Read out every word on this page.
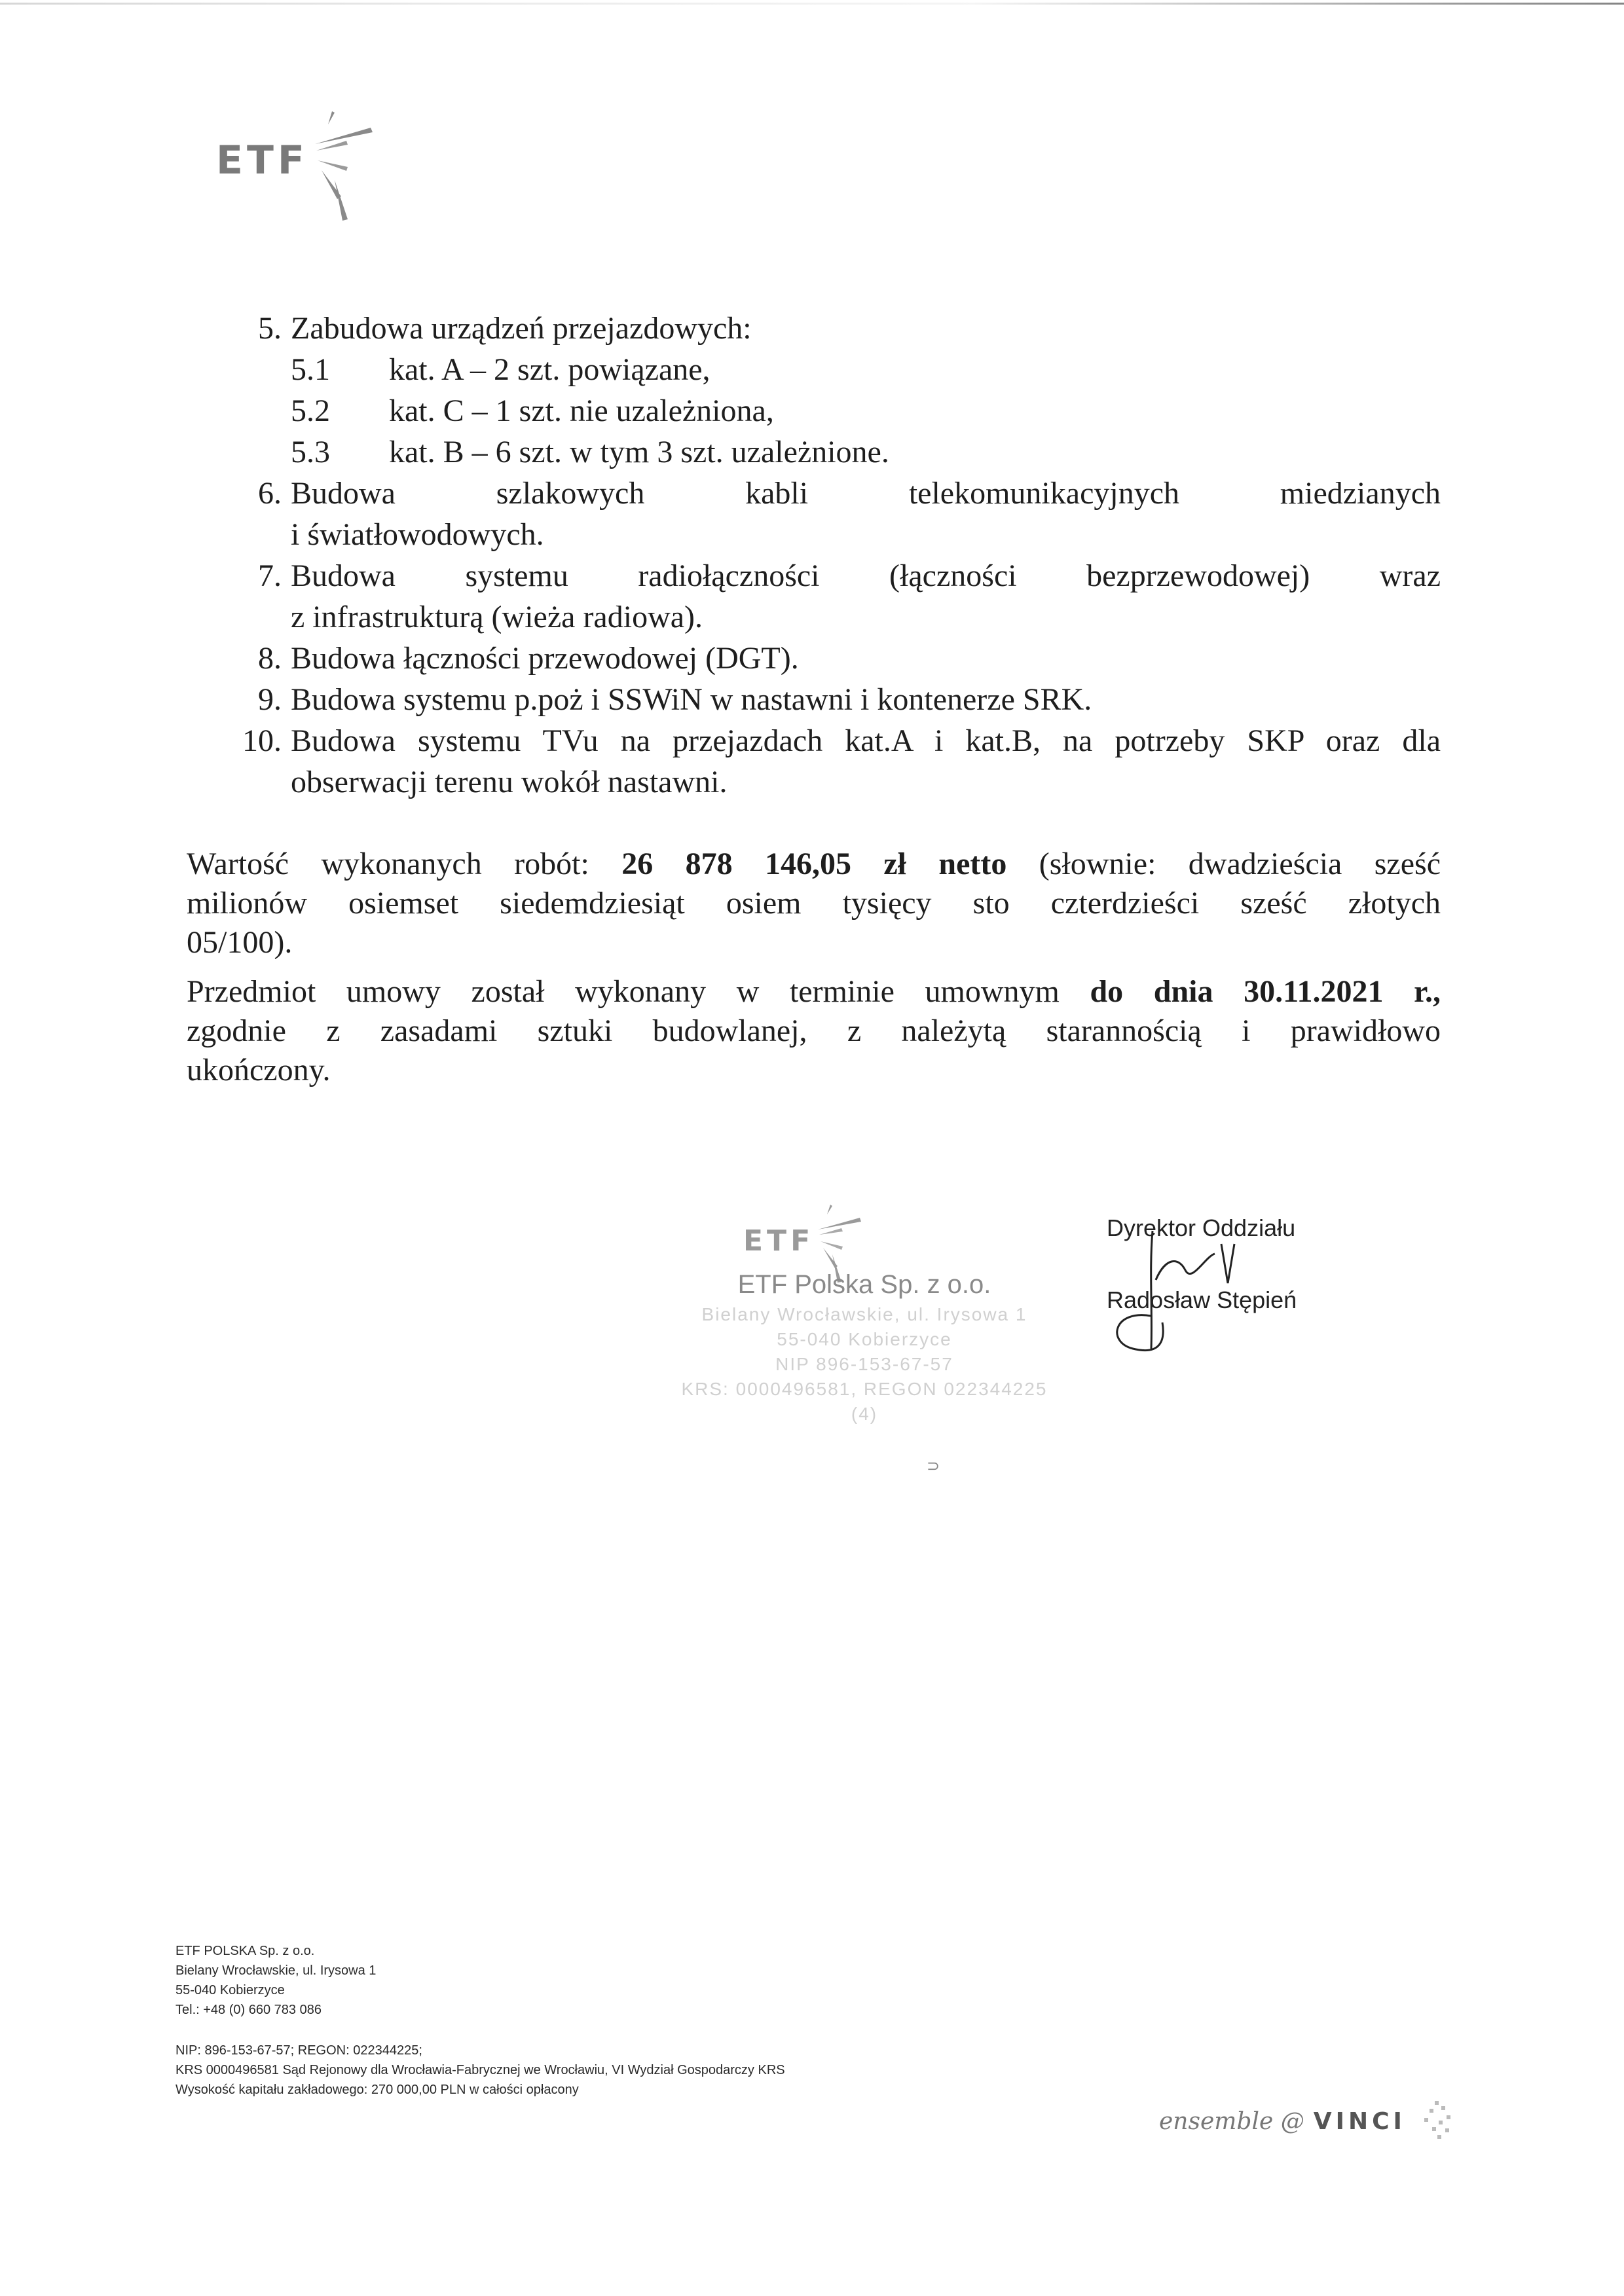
ETF
5. Zabudowa urządzeń przejazdowych:
5.1	kat. A – 2 szt. powiązane,
5.2	kat. C – 1 szt. nie uzależniona,
5.3	kat. B – 6 szt. w tym 3 szt. uzależnione.
6. Budowa szlakowych kabli telekomunikacyjnych miedzianych
i światłowodowych.
7. Budowa systemu radiołączności (łączności bezprzewodowej) wraz
z infrastrukturą (wieża radiowa).
8. Budowa łączności przewodowej (DGT).
9. Budowa systemu p.poż i SSWiN w nastawni i kontenerze SRK.
10. Budowa systemu TVu na przejazdach kat.A i kat.B, na potrzeby SKP oraz dla
obserwacji terenu wokół nastawni.
Wartość wykonanych robót: 26 878 146,05 zł netto (słownie: dwadzieścia sześć
milionów osiemset siedemdziesiąt osiem tysięcy sto czterdzieści sześć złotych
05/100).
Przedmiot umowy został wykonany w terminie umownym do dnia 30.11.2021 r.,
zgodnie z zasadami sztuki budowlanej, z należytą starannością i prawidłowo
ukończony.
ETF
ETF Polska Sp. z o.o.
Bielany Wrocławskie, ul. Irysowa 1
55-040 Kobierzyce
NIP 896-153-67-57
KRS: 0000496581, REGON 022344225
(4)
⊃
Dyrektor Oddziału
Radosław Stępień
ETF POLSKA Sp. z o.o.
Bielany Wrocławskie, ul. Irysowa 1
55-040 Kobierzyce
Tel.: +48 (0) 660 783 086
NIP: 896-153-67-57; REGON: 022344225;
KRS 0000496581 Sąd Rejonowy dla Wrocławia-Fabrycznej we Wrocławiu, VI Wydział Gospodarczy KRS
Wysokość kapitału zakładowego: 270 000,00 PLN w całości opłacony
ensemble @ VINCI
